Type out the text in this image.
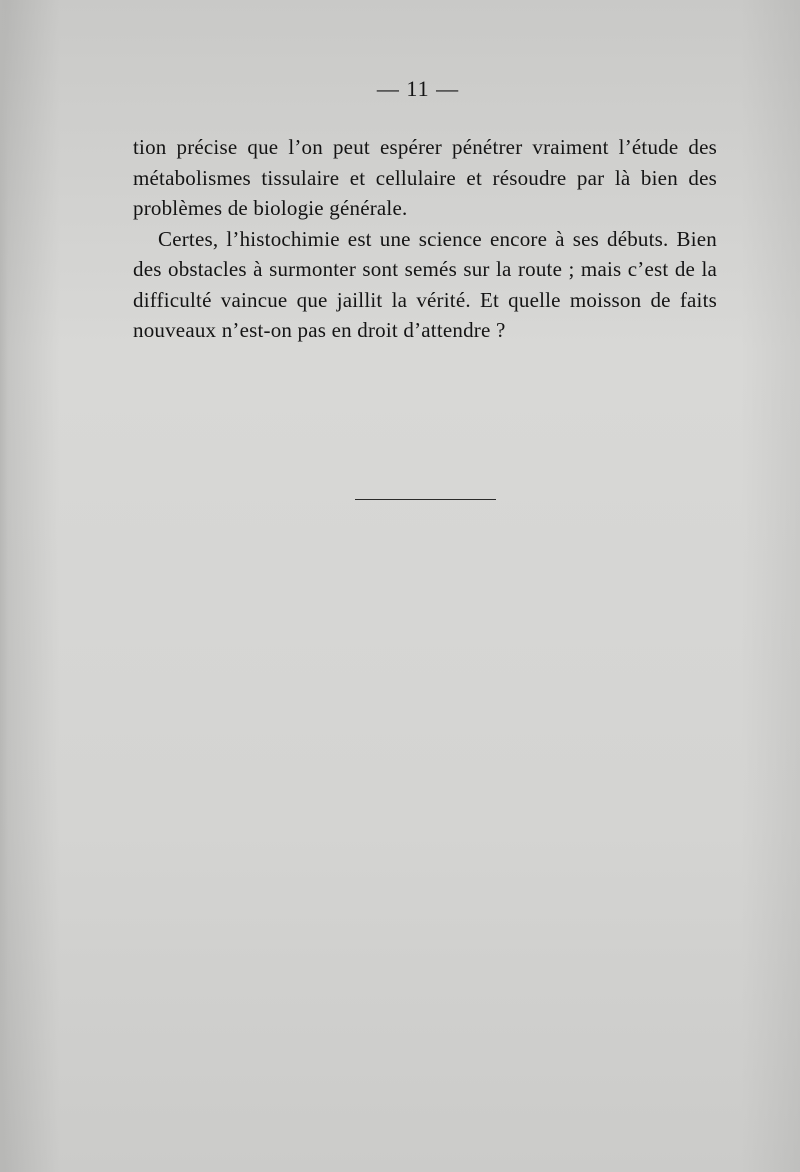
— 11 —

tion précise que l’on peut espérer pénétrer vraiment l’étude des métabolismes tissulaire et cellulaire et résoudre par là bien des problèmes de biologie générale.

Certes, l’histochimie est une science encore à ses débuts. Bien des obstacles à surmonter sont semés sur la route ; mais c’est de la difficulté vaincue que jaillit la vérité. Et quelle moisson de faits nouveaux n’est-on pas en droit d’attendre ?
